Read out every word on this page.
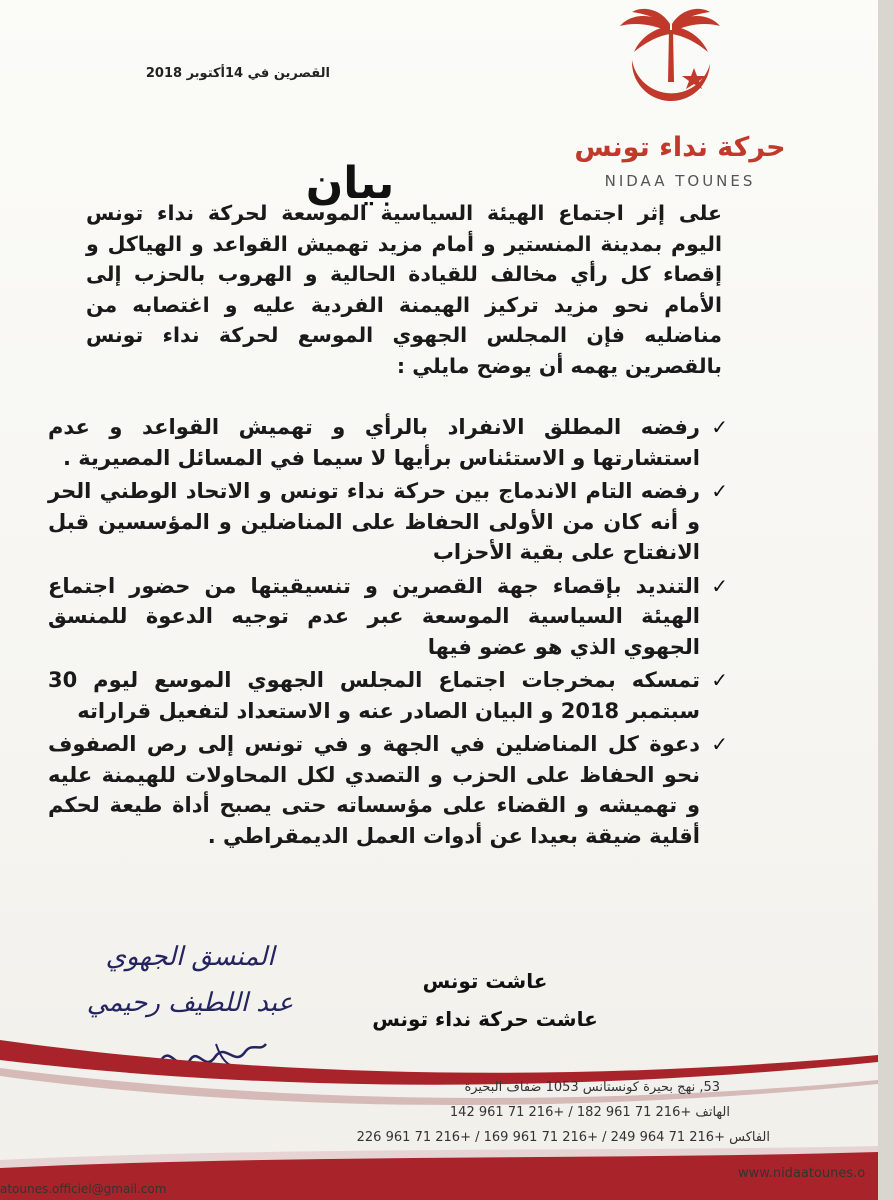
القصرين في 14أكتوبر 2018
حركة نداء تونس
NIDAA TOUNES
بيان
على إثر اجتماع الهيئة السياسية الموسعة لحركة نداء تونس اليوم بمدينة المنستير و أمام مزيد تهميش القواعد و الهياكل و إقصاء كل رأي مخالف للقيادة الحالية و الهروب بالحزب إلى الأمام نحو مزيد تركيز الهيمنة الفردية عليه و اغتصابه من مناضليه فإن المجلس الجهوي الموسع لحركة نداء تونس بالقصرين يهمه أن يوضح مايلي :
✓
رفضه المطلق الانفراد بالرأي و تهميش القواعد و عدم استشارتها و الاستئناس برأيها لا سيما في المسائل المصيرية .
✓
رفضه التام الاندماج بين حركة نداء تونس و الاتحاد الوطني الحر و أنه كان من الأولى الحفاظ على المناضلين و المؤسسين قبل الانفتاح على بقية الأحزاب
✓
التنديد بإقصاء جهة القصرين و تنسيقيتها من حضور اجتماع الهيئة السياسية الموسعة عبر عدم توجيه الدعوة للمنسق الجهوي الذي هو عضو فيها
✓
تمسكه بمخرجات اجتماع المجلس الجهوي الموسع ليوم 30 سبتمبر 2018 و البيان الصادر عنه و الاستعداد لتفعيل قراراته
✓
دعوة كل المناضلين في الجهة و في تونس إلى رص الصفوف نحو الحفاظ على الحزب و التصدي لكل المحاولات للهيمنة عليه و تهميشه و القضاء على مؤسساته حتى يصبح أداة طيعة لحكم أقلية ضيقة بعيدا عن أدوات العمل الديمقراطي .
عاشت تونس
عاشت حركة نداء تونس
المنسق الجهوي
عبد اللطيف رحيمي
53, نهج بحيرة كونستانس 1053 ضفاف البحيرة
الهاتف +216 71 961 182 / +216 71 961 142
الفاكس +216 71 964 249 / +216 71 961 169 / +216 71 961 226
www.nidaatounes.o
atounes.officiel@gmail.com
